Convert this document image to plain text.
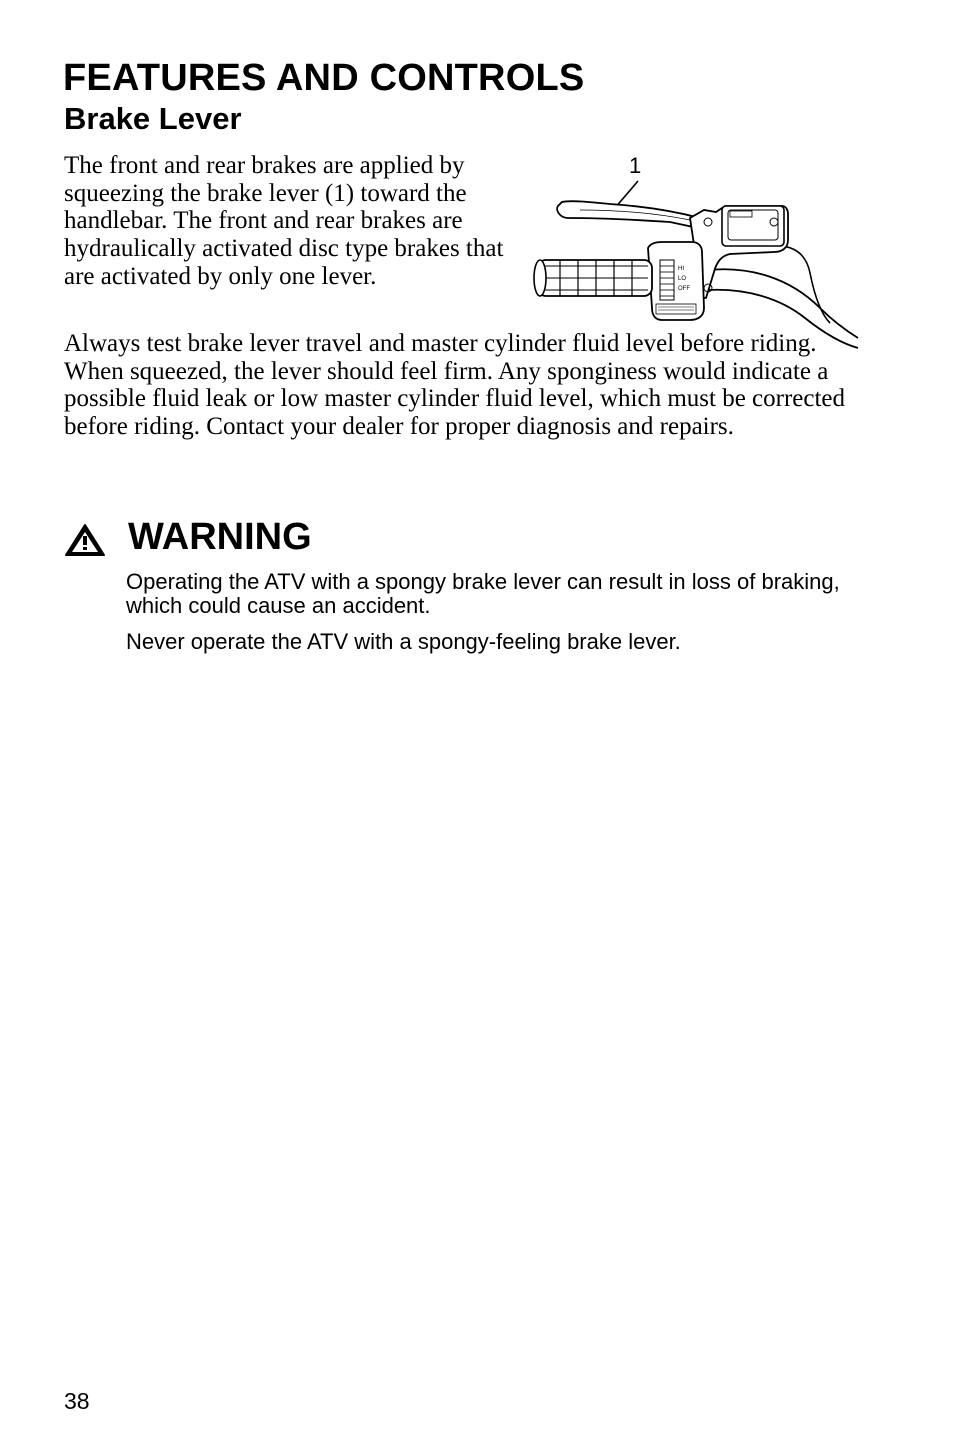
FEATURES AND CONTROLS
Brake Lever

The front and rear brakes are applied by squeezing the brake lever (1) toward the handlebar. The front and rear brakes are hydraulically activated disc type brakes that are activated by only one lever.

1
HI
LO
OFF

Always test brake lever travel and master cylinder fluid level before riding. When squeezed, the lever should feel firm. Any sponginess would indicate a possible fluid leak or low master cylinder fluid level, which must be corrected before riding. Contact your dealer for proper diagnosis and repairs.

WARNING

Operating the ATV with a spongy brake lever can result in loss of braking, which could cause an accident.

Never operate the ATV with a spongy-feeling brake lever.

38
